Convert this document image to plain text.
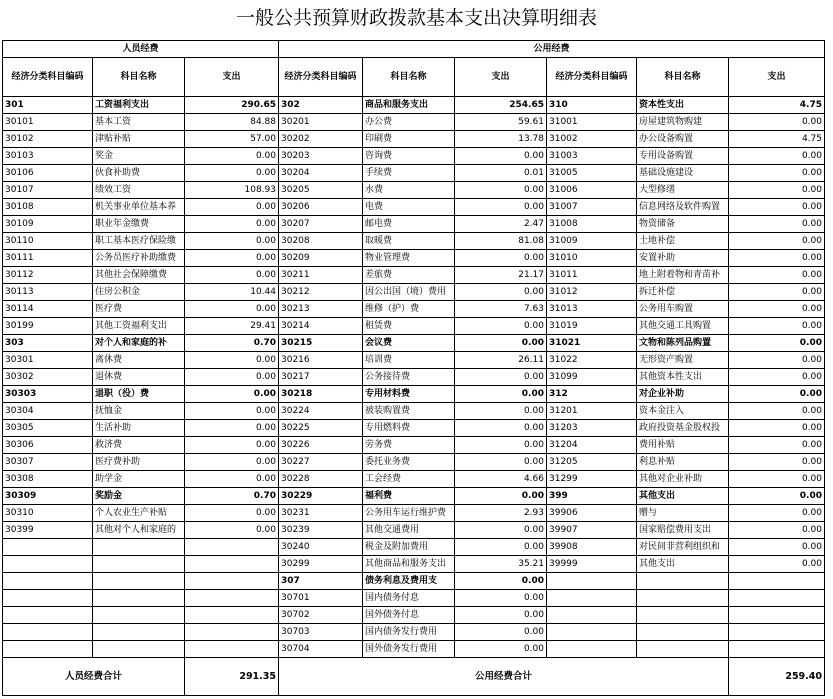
一般公共预算财政拨款基本支出决算明细表
人员经费			公用经费					
经济分类科目编码	科目名称	支出	经济分类科目编码	科目名称	支出	经济分类科目编码	科目名称	支出
301	工资福利支出	290.65	302	商品和服务支出	254.65	310	资本性支出	4.75
30101	基本工资	84.88	30201	办公费	59.61	31001	房屋建筑物购建	0.00
30102	津贴补贴	57.00	30202	印刷费	13.78	31002	办公设备购置	4.75
30103	奖金	0.00	30203	咨询费	0.00	31003	专用设备购置	0.00
30106	伙食补助费	0.00	30204	手续费	0.01	31005	基础设施建设	0.00
30107	绩效工资	108.93	30205	水费	0.00	31006	大型修缮	0.00
30108	机关事业单位基本养	0.00	30206	电费	0.00	31007	信息网络及软件购置	0.00
30109	职业年金缴费	0.00	30207	邮电费	2.47	31008	物资储备	0.00
30110	职工基本医疗保险缴	0.00	30208	取暖费	81.08	31009	土地补偿	0.00
30111	公务员医疗补助缴费	0.00	30209	物业管理费	0.00	31010	安置补助	0.00
30112	其他社会保障缴费	0.00	30211	差旅费	21.17	31011	地上附着物和青苗补	0.00
30113	住房公积金	10.44	30212	因公出国（境）费用	0.00	31012	拆迁补偿	0.00
30114	医疗费	0.00	30213	维修（护）费	7.63	31013	公务用车购置	0.00
30199	其他工资福利支出	29.41	30214	租赁费	0.00	31019	其他交通工具购置	0.00
303	对个人和家庭的补	0.70	30215	会议费	0.00	31021	文物和陈列品购置	0.00
30301	离休费	0.00	30216	培训费	26.11	31022	无形资产购置	0.00
30302	退休费	0.00	30217	公务接待费	0.00	31099	其他资本性支出	0.00
30303	退职（役）费	0.00	30218	专用材料费	0.00	312	对企业补助	0.00
30304	抚恤金	0.00	30224	被装购置费	0.00	31201	资本金注入	0.00
30305	生活补助	0.00	30225	专用燃料费	0.00	31203	政府投资基金股权投	0.00
30306	救济费	0.00	30226	劳务费	0.00	31204	费用补贴	0.00
30307	医疗费补助	0.00	30227	委托业务费	0.00	31205	利息补贴	0.00
30308	助学金	0.00	30228	工会经费	4.66	31299	其他对企业补助	0.00
30309	奖励金	0.70	30229	福利费	0.00	399	其他支出	0.00
30310	个人农业生产补贴	0.00	30231	公务用车运行维护费	2.93	39906	赠与	0.00
30399	其他对个人和家庭的	0.00	30239	其他交通费用	0.00	39907	国家赔偿费用支出	0.00
			30240	税金及附加费用	0.00	39908	对民间非营利组织和	0.00
			30299	其他商品和服务支出	35.21	39999	其他支出	0.00
			307	债务利息及费用支	0.00			
			30701	国内债务付息	0.00			
			30702	国外债务付息	0.00			
			30703	国内债务发行费用	0.00			
			30704	国外债务发行费用	0.00			
人员经费合计		291.35	公用经费合计					259.40
